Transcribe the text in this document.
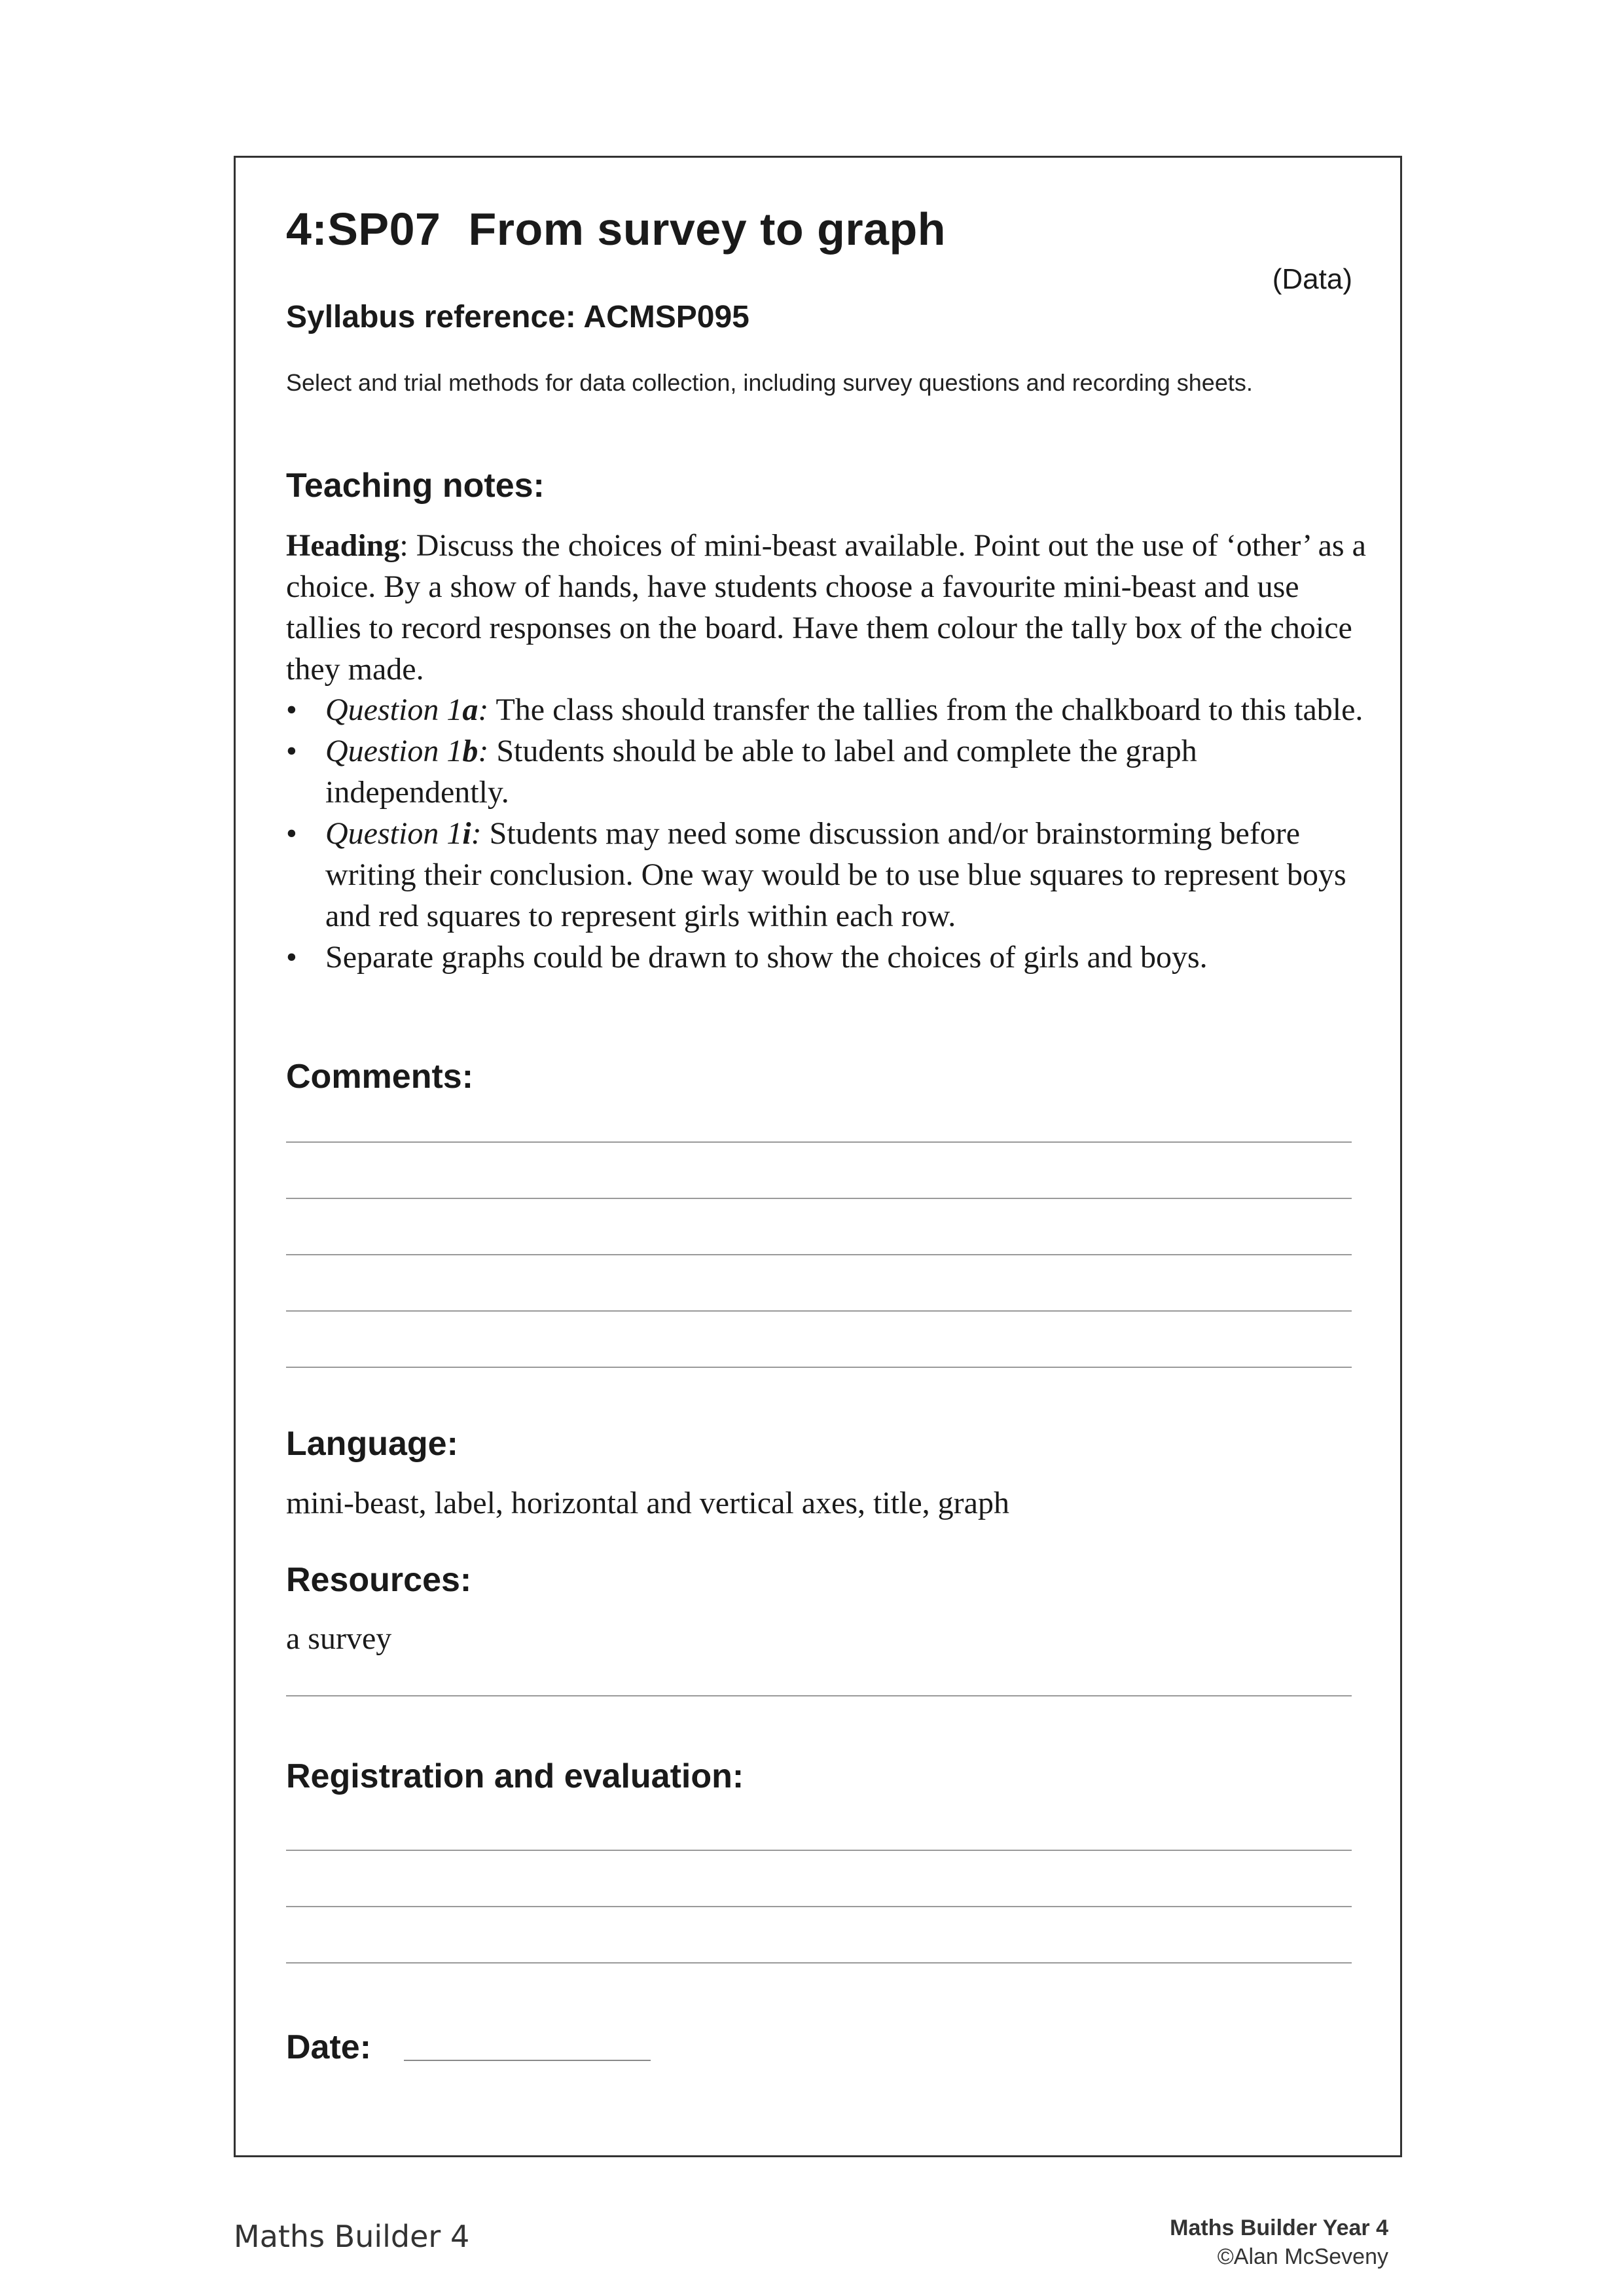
4:SP07 From survey to graph
(Data)
Syllabus reference: ACMSP095

Select and trial methods for data collection, including survey questions and recording sheets.

Teaching notes:

Heading: Discuss the choices of mini-beast available. Point out the use of ‘other’ as a choice. By a show of hands, have students choose a favourite mini-beast and use tallies to record responses on the board. Have them colour the tally box of the choice they made.

• Question 1a: The class should transfer the tallies from the chalkboard to this table.
• Question 1b: Students should be able to label and complete the graph independently.
• Question 1i: Students may need some discussion and/or brainstorming before writing their conclusion. One way would be to use blue squares to represent boys and red squares to represent girls within each row.
• Separate graphs could be drawn to show the choices of girls and boys.
Comments:
Language:
mini-beast, label, horizontal and vertical axes, title, graph
Resources:
a survey
Registration and evaluation:
Date:
Maths Builder 4	Maths Builder Year 4
©Alan McSeveny
